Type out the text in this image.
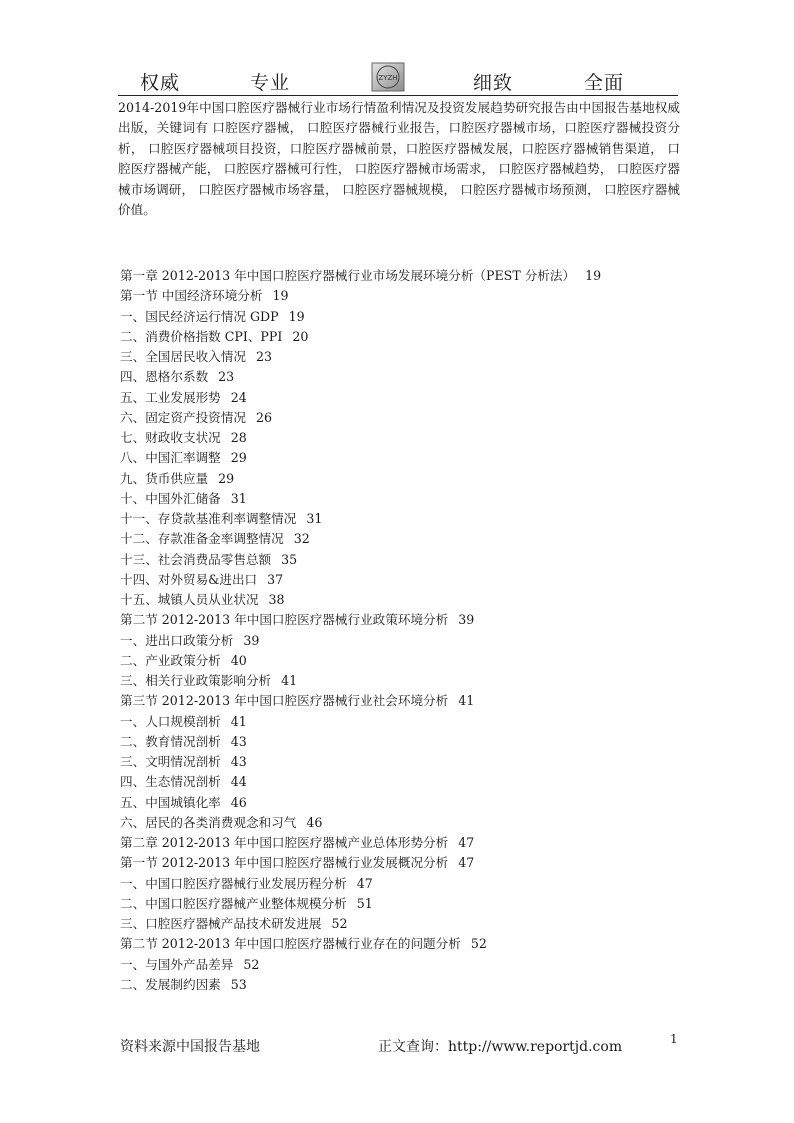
权威	专业	ZYZH	细致	全面
2014-2019年中国口腔医疗器械行业市场行情盈利情况及投资发展趋势研究报告由中国报告基地权威出版，关键词有 口腔医疗器械， 口腔医疗器械行业报告，口腔医疗器械市场，口腔医疗器械投资分析， 口腔医疗器械项目投资，口腔医疗器械前景，口腔医疗器械发展，口腔医疗器械销售渠道， 口腔医疗器械产能， 口腔医疗器械可行性， 口腔医疗器械市场需求， 口腔医疗器械趋势， 口腔医疗器械市场调研， 口腔医疗器械市场容量， 口腔医疗器械规模， 口腔医疗器械市场预测， 口腔医疗器械价值。
第一章 2012-2013 年中国口腔医疗器械行业市场发展环境分析（PEST 分析法） 19
第一节 中国经济环境分析 19
一、国民经济运行情况 GDP 19
二、消费价格指数 CPI、PPI 20
三、全国居民收入情况 23
四、恩格尔系数 23
五、工业发展形势 24
六、固定资产投资情况 26
七、财政收支状况 28
八、中国汇率调整 29
九、货币供应量 29
十、中国外汇储备 31
十一、存贷款基准利率调整情况 31
十二、存款准备金率调整情况 32
十三、社会消费品零售总额 35
十四、对外贸易&进出口 37
十五、城镇人员从业状况 38
第二节 2012-2013 年中国口腔医疗器械行业政策环境分析 39
一、进出口政策分析 39
二、产业政策分析 40
三、相关行业政策影响分析 41
第三节 2012-2013 年中国口腔医疗器械行业社会环境分析 41
一、人口规模剖析 41
二、教育情况剖析 43
三、文明情况剖析 43
四、生态情况剖析 44
五、中国城镇化率 46
六、居民的各类消费观念和习气 46
第二章 2012-2013 年中国口腔医疗器械产业总体形势分析 47
第一节 2012-2013 年中国口腔医疗器械行业发展概况分析 47
一、中国口腔医疗器械行业发展历程分析 47
二、中国口腔医疗器械产业整体规模分析 51
三、口腔医疗器械产品技术研发进展 52
第二节 2012-2013 年中国口腔医疗器械行业存在的问题分析 52
一、与国外产品差异 52
二、发展制约因素 53
资料来源中国报告基地	正文查询：http://www.reportjd.com	1
